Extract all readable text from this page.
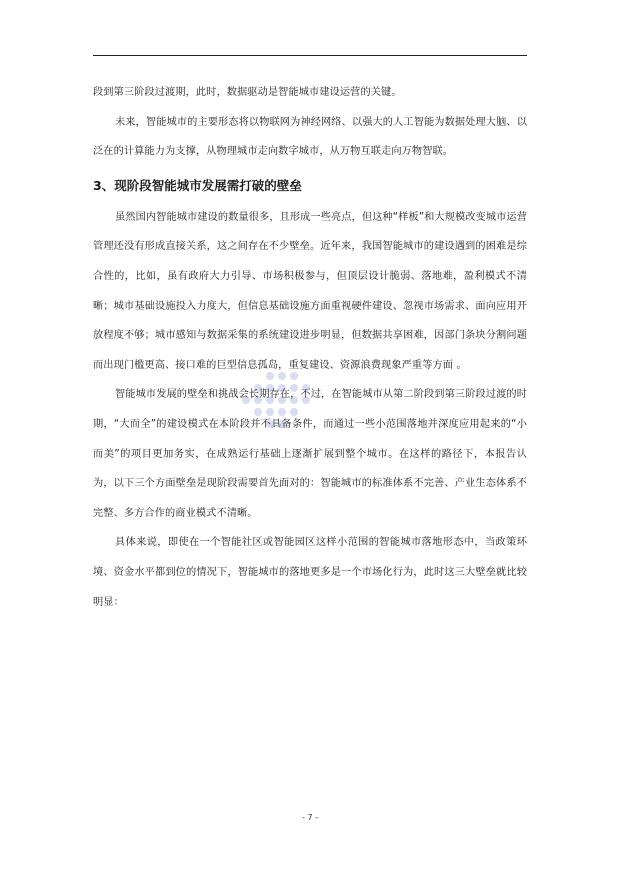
段到第三阶段过渡期，此时，数据驱动是智能城市建设运营的关键。

未来，智能城市的主要形态将以物联网为神经网络、以强大的人工智能为数据处理大脑、以泛在的计算能力为支撑，从物理城市走向数字城市，从万物互联走向万物智联。

3、现阶段智能城市发展需打破的壁垒

虽然国内智能城市建设的数量很多，且形成一些亮点，但这种“样板”和大规模改变城市运营管理还没有形成直接关系，这之间存在不少壁垒。近年来，我国智能城市的建设遇到的困难是综合性的，比如，虽有政府大力引导、市场积极参与，但顶层设计脆弱、落地难，盈利模式不清晰；城市基础设施投入力度大，但信息基础设施方面重视硬件建设、忽视市场需求、面向应用开放程度不够；城市感知与数据采集的系统建设进步明显，但数据共享困难，因部门条块分割问题而出现门槛更高、接口难的巨型信息孤岛，重复建设、资源浪费现象严重等方面 。

智能城市发展的壁垒和挑战会长期存在，不过，在智能城市从第二阶段到第三阶段过渡的时期，“大而全”的建设模式在本阶段并不具备条件，而通过一些小范围落地并深度应用起来的“小而美”的项目更加务实，在成熟运行基础上逐渐扩展到整个城市。在这样的路径下，本报告认为，以下三个方面壁垒是现阶段需要首先面对的：智能城市的标准体系不完善、产业生态体系不完整、多方合作的商业模式不清晰。

具体来说，即使在一个智能社区或智能园区这样小范围的智能城市落地形态中，当政策环境、资金水平都到位的情况下，智能城市的落地更多是一个市场化行为，此时这三大壁垒就比较明显：

- 7 -
